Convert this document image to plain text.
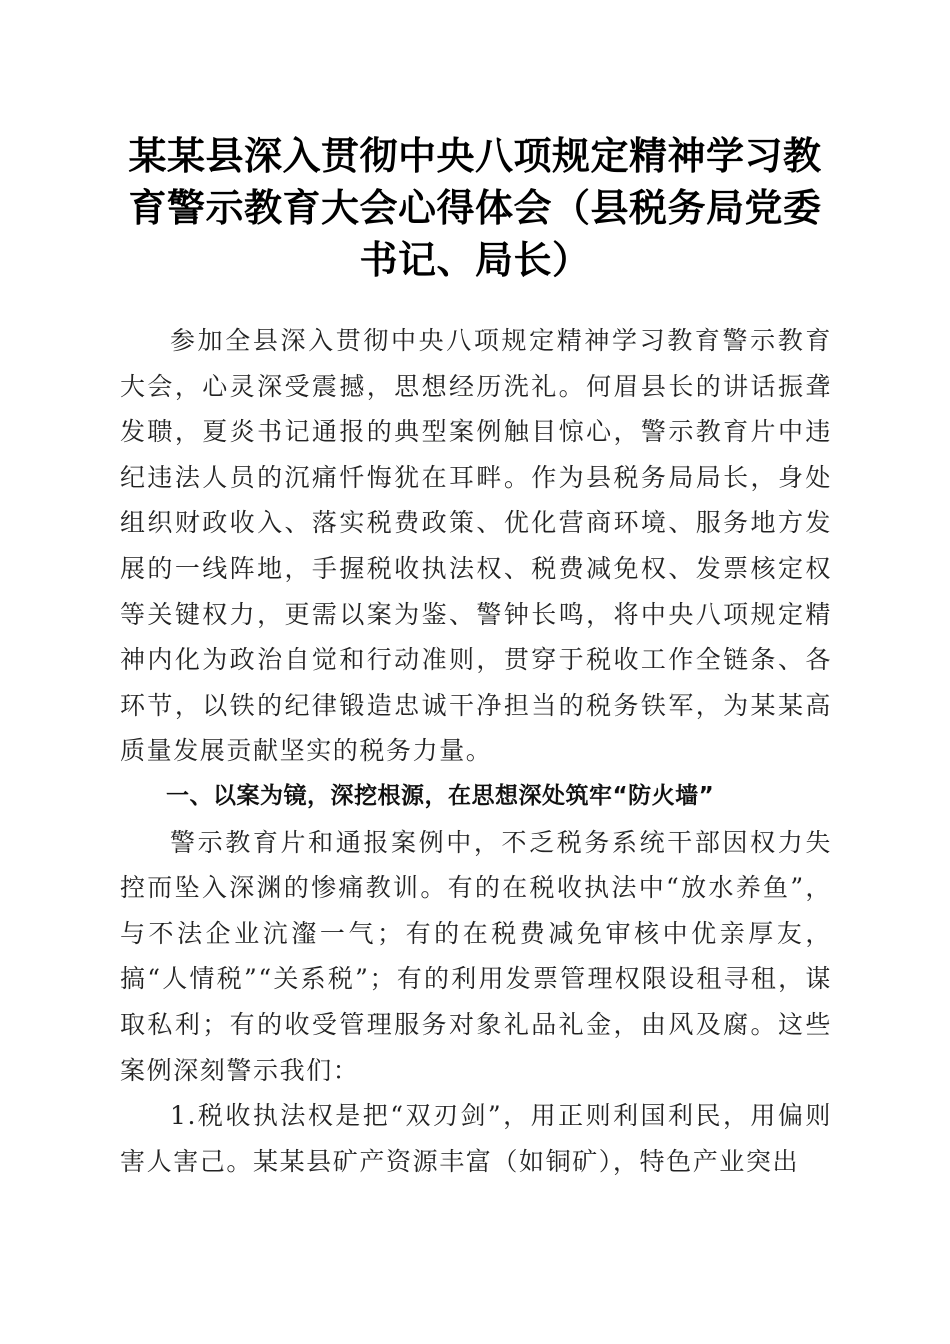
某某县深入贯彻中央八项规定精神学习教育警示教育大会心得体会（县税务局党委书记、局长）

参加全县深入贯彻中央八项规定精神学习教育警示教育大会，心灵深受震撼，思想经历洗礼。何眉县长的讲话振聋发聩，夏炎书记通报的典型案例触目惊心，警示教育片中违纪违法人员的沉痛忏悔犹在耳畔。作为县税务局局长，身处组织财政收入、落实税费政策、优化营商环境、服务地方发展的一线阵地，手握税收执法权、税费减免权、发票核定权等关键权力，更需以案为鉴、警钟长鸣，将中央八项规定精神内化为政治自觉和行动准则，贯穿于税收工作全链条、各环节，以铁的纪律锻造忠诚干净担当的税务铁军，为某某高质量发展贡献坚实的税务力量。

一、以案为镜，深挖根源，在思想深处筑牢“防火墙”

警示教育片和通报案例中，不乏税务系统干部因权力失控而坠入深渊的惨痛教训。有的在税收执法中“放水养鱼”，与不法企业沆瀣一气；有的在税费减免审核中优亲厚友，搞“人情税”“关系税”；有的利用发票管理权限设租寻租，谋取私利；有的收受管理服务对象礼品礼金，由风及腐。这些案例深刻警示我们：

1.税收执法权是把“双刃剑”，用正则利国利民，用偏则害人害己。某某县矿产资源丰富（如铜矿），特色产业突出
